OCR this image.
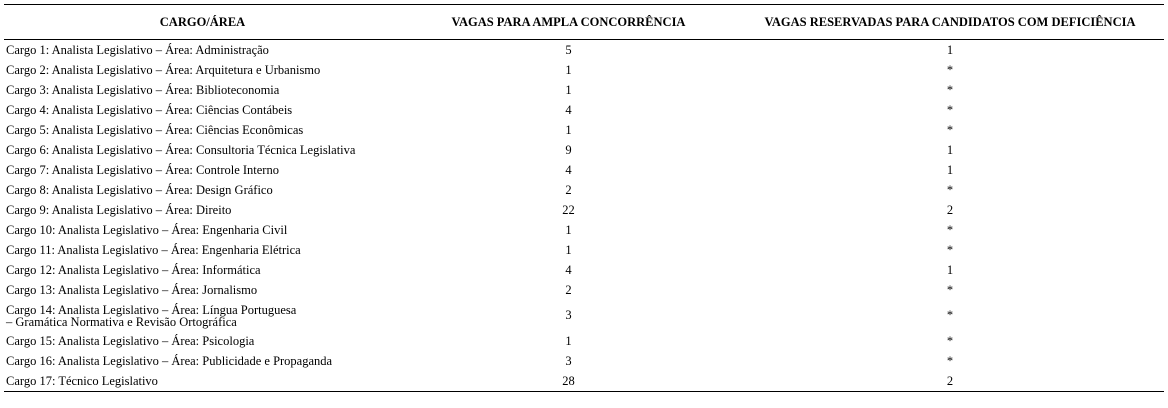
CARGO/ÁREA	VAGAS PARA AMPLA CONCORRÊNCIA	VAGAS RESERVADAS PARA CANDIDATOS COM DEFICIÊNCIA
Cargo 1: Analista Legislativo – Área: Administração	5	1
Cargo 2: Analista Legislativo – Área: Arquitetura e Urbanismo	1	*
Cargo 3: Analista Legislativo – Área: Biblioteconomia	1	*
Cargo 4: Analista Legislativo – Área: Ciências Contábeis	4	*
Cargo 5: Analista Legislativo – Área: Ciências Econômicas	1	*
Cargo 6: Analista Legislativo – Área: Consultoria Técnica Legislativa	9	1
Cargo 7: Analista Legislativo – Área: Controle Interno	4	1
Cargo 8: Analista Legislativo – Área: Design Gráfico	2	*
Cargo 9: Analista Legislativo – Área: Direito	22	2
Cargo 10: Analista Legislativo – Área: Engenharia Civil	1	*
Cargo 11: Analista Legislativo – Área: Engenharia Elétrica	1	*
Cargo 12: Analista Legislativo – Área: Informática	4	1
Cargo 13: Analista Legislativo – Área: Jornalismo	2	*

Cargo 14: Analista Legislativo – Área: Língua Portuguesa
– Gramática Normativa e Revisão Ortográfica	3	*
Cargo 15: Analista Legislativo – Área: Psicologia	1	*
Cargo 16: Analista Legislativo – Área: Publicidade e Propaganda	3	*
Cargo 17: Técnico Legislativo	28	2
